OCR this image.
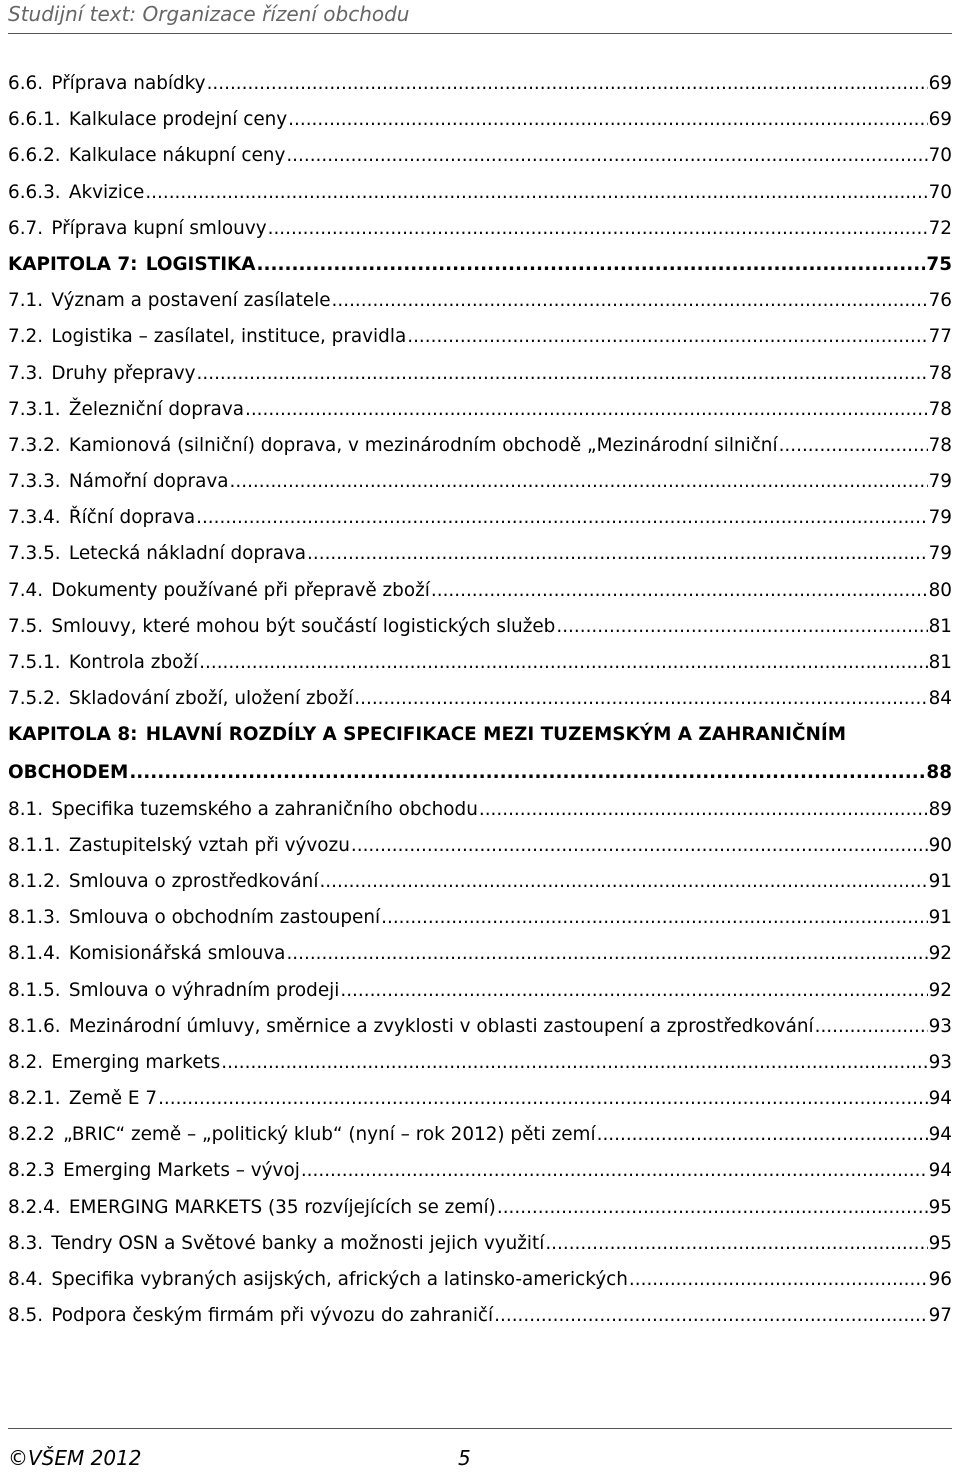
Studijní text: Organizace řízení obchodu
6.6. Příprava nabídky .....	69
6.6.1. Kalkulace prodejní ceny .....	69
6.6.2. Kalkulace nákupní ceny .....	70
6.6.3. Akvizice .....	70
6.7. Příprava kupní smlouvy .....	72
KAPITOLA 7: LOGISTIKA .....	75
7.1. Význam a postavení zasílatele .....	76
7.2. Logistika – zasílatel, instituce, pravidla .....	77
7.3. Druhy přepravy .....	78
7.3.1. Železniční doprava .....	78
7.3.2. Kamionová (silniční) doprava, v mezinárodním obchodě „Mezinárodní silniční .....	78
7.3.3. Námořní doprava .....	79
7.3.4. Říční doprava .....	79
7.3.5. Letecká nákladní doprava .....	79
7.4. Dokumenty používané při přepravě zboží .....	80
7.5. Smlouvy, které mohou být součástí logistických služeb .....	81
7.5.1. Kontrola zboží .....	81
7.5.2. Skladování zboží, uložení zboží .....	84
KAPITOLA 8: HLAVNÍ ROZDÍLY A SPECIFIKACE MEZI TUZEMSKÝM A ZAHRANIČNÍM
OBCHODEM .....	88
8.1. Specifika tuzemského a zahraničního obchodu .....	89
8.1.1. Zastupitelský vztah při vývozu .....	90
8.1.2. Smlouva o zprostředkování .....	91
8.1.3. Smlouva o obchodním zastoupení .....	91
8.1.4. Komisionářská smlouva .....	92
8.1.5. Smlouva o výhradním prodeji .....	92
8.1.6. Mezinárodní úmluvy, směrnice a zvyklosti v oblasti zastoupení a zprostředkování .....	93
8.2. Emerging markets .....	93
8.2.1. Země E 7 .....	94
8.2.2 „BRIC“ země – „politický klub“ (nyní – rok 2012) pěti zemí .....	94
8.2.3 Emerging Markets – vývoj .....	94
8.2.4. EMERGING MARKETS (35 rozvíjejících se zemí) .....	95
8.3. Tendry OSN a Světové banky a možnosti jejich využití .....	95
8.4. Specifika vybraných asijských, afrických a latinsko-amerických .....	96
8.5. Podpora českým firmám při vývozu do zahraničí .....	97
©VŠEM 2012	5
